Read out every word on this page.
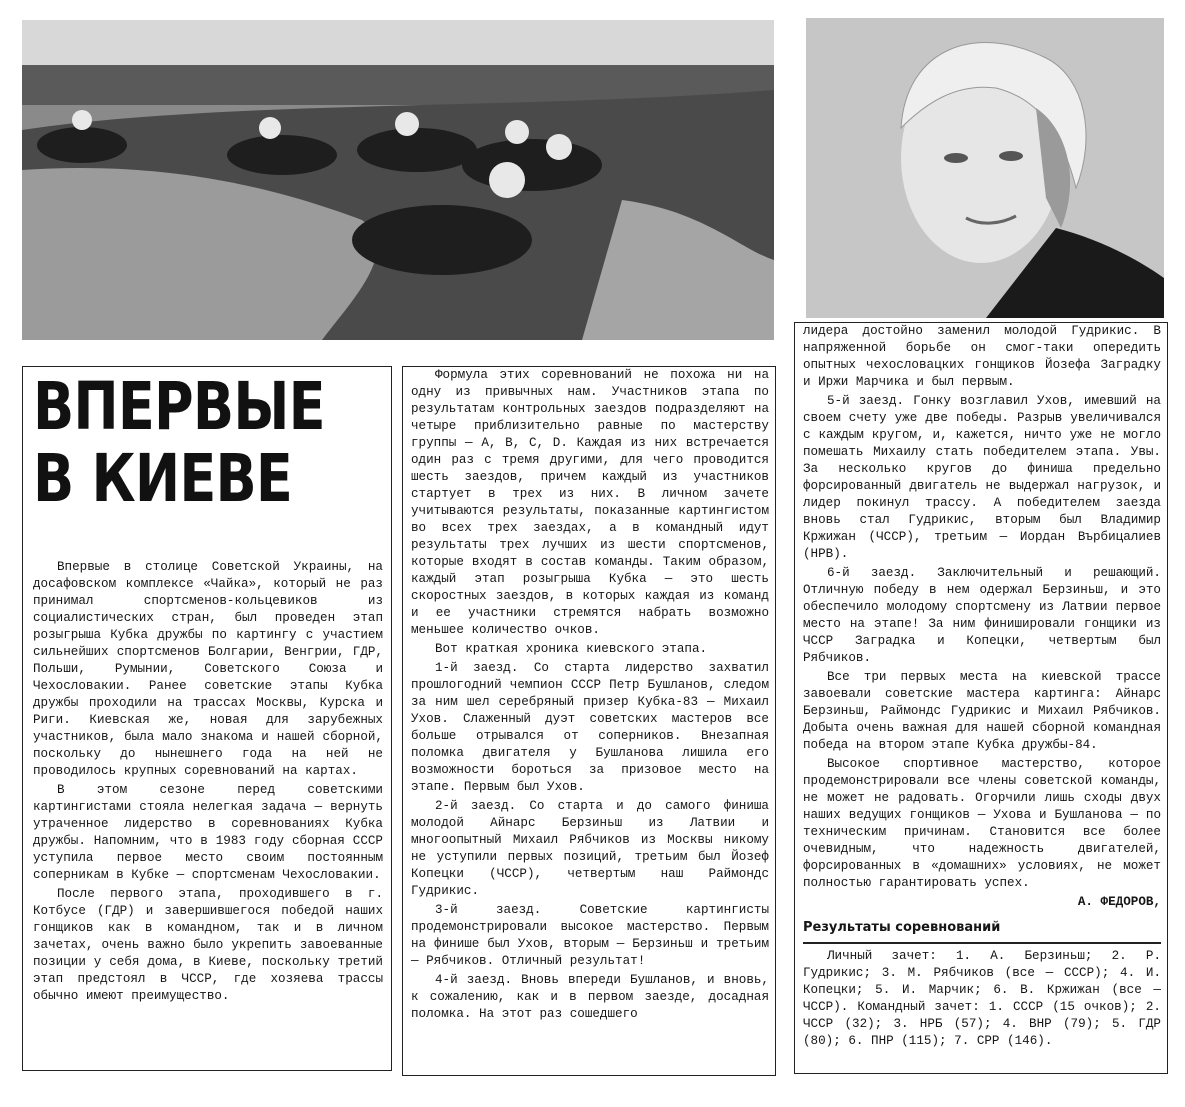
ВПЕРВЫЕ
В КИЕВЕ

Впервые в столице Советской Украины, на досафовском комплексе «Чайка», который не раз принимал спортсменов-кольцевиков из социалистических стран, был проведен этап розыгрыша Кубка дружбы по картингу с участием сильнейших спортсменов Болгарии, Венгрии, ГДР, Польши, Румынии, Советского Союза и Чехословакии. Ранее советские этапы Кубка дружбы проходили на трассах Москвы, Курска и Риги. Киевская же, новая для зарубежных участников, была мало знакома и нашей сборной, поскольку до нынешнего года на ней не проводилось крупных соревнований на картах.

В этом сезоне перед советскими картингистами стояла нелегкая задача — вернуть утраченное лидерство в соревнованиях Кубка дружбы. Напомним, что в 1983 году сборная СССР уступила первое место своим постоянным соперникам в Кубке — спортсменам Чехословакии.

После первого этапа, проходившего в г. Котбусе (ГДР) и завершившегося победой наших гонщиков как в командном, так и в личном зачетах, очень важно было укрепить завоеванные позиции у себя дома, в Киеве, поскольку третий этап предстоял в ЧССР, где хозяева трассы обычно имеют преимущество.

Формула этих соревнований не похожа ни на одну из привычных нам. Участников этапа по результатам контрольных заездов подразделяют на четыре приблизительно равные по мастерству группы — A, B, C, D. Каждая из них встречается один раз с тремя другими, для чего проводится шесть заездов, причем каждый из участников стартует в трех из них. В личном зачете учитываются результаты, показанные картингистом во всех трех заездах, а в командный идут результаты трех лучших из шести спортсменов, которые входят в состав команды. Таким образом, каждый этап розыгрыша Кубка — это шесть скоростных заездов, в которых каждая из команд и ее участники стремятся набрать возможно меньшее количество очков.

Вот краткая хроника киевского этапа.

1-й заезд. Со старта лидерство захватил прошлогодний чемпион СССР Петр Бушланов, следом за ним шел серебряный призер Кубка-83 — Михаил Ухов. Слаженный дуэт советских мастеров все больше отрывался от соперников. Внезапная поломка двигателя у Бушланова лишила его возможности бороться за призовое место на этапе. Первым был Ухов.

2-й заезд. Со старта и до самого финиша молодой Айнарс Берзиньш из Латвии и многоопытный Михаил Рябчиков из Москвы никому не уступили первых позиций, третьим был Йозеф Копецки (ЧССР), четвертым наш Раймондс Гудрикис.

3-й заезд. Советские картингисты продемонстрировали высокое мастерство. Первым на финише был Ухов, вторым — Берзиньш и третьим — Рябчиков. Отличный результат!

4-й заезд. Вновь впереди Бушланов, и вновь, к сожалению, как и в первом заезде, досадная поломка. На этот раз сошедшего

лидера достойно заменил молодой Гудрикис. В напряженной борьбе он смог-таки опередить опытных чехословацких гонщиков Йозефа Заградку и Иржи Марчика и был первым.

5-й заезд. Гонку возглавил Ухов, имевший на своем счету уже две победы. Разрыв увеличивался с каждым кругом, и, кажется, ничто уже не могло помешать Михаилу стать победителем этапа. Увы. За несколько кругов до финиша предельно форсированный двигатель не выдержал нагрузок, и лидер покинул трассу. А победителем заезда вновь стал Гудрикис, вторым был Владимир Кржижан (ЧССР), третьим — Иордан Върбицалиев (НРВ).

6-й заезд. Заключительный и решающий. Отличную победу в нем одержал Берзиньш, и это обеспечило молодому спортсмену из Латвии первое место на этапе! За ним финишировали гонщики из ЧССР Заградка и Копецки, четвертым был Рябчиков.

Все три первых места на киевской трассе завоевали советские мастера картинга: Айнарс Берзиньш, Раймондс Гудрикис и Михаил Рябчиков. Добыта очень важная для нашей сборной командная победа на втором этапе Кубка дружбы-84.

Высокое спортивное мастерство, которое продемонстрировали все члены советской команды, не может не радовать. Огорчили лишь сходы двух наших ведущих гонщиков — Ухова и Бушланова — по техническим причинам. Становится все более очевидным, что надежность двигателей, форсированных в «домашних» условиях, не может полностью гарантировать успех.

А. ФЕДОРОВ,
Результаты соревнований

Личный зачет: 1. А. Берзиньш; 2. Р. Гудрикис; 3. М. Рябчиков (все — СССР); 4. И. Копецки; 5. И. Марчик; 6. В. Кржижан (все — ЧССР). Командный зачет: 1. СССР (15 очков); 2. ЧССР (32); 3. НРБ (57); 4. ВНР (79); 5. ГДР (80); 6. ПНР (115); 7. СРР (146).
